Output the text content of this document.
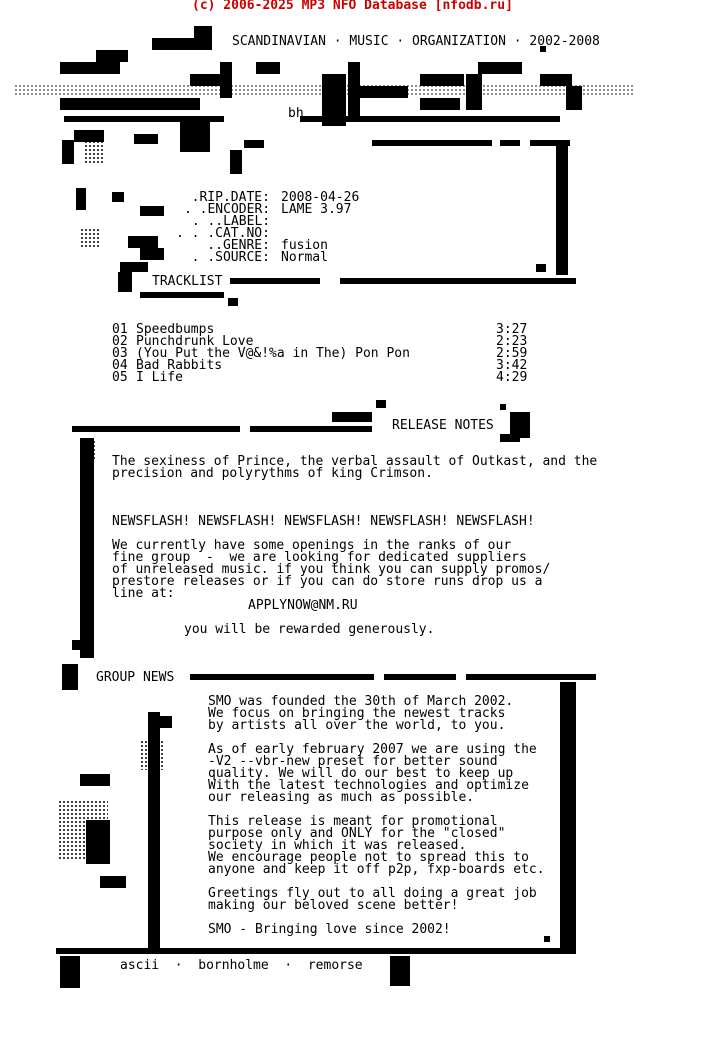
(c) 2006-2025 MP3 NFO Database [nfodb.ru]
SCANDINAVIAN · MUSIC · ORGANIZATION · 2002-2008
bh
.RIP.DATE: 2008-04-26
. .ENCODER: LAME 3.97
. ..LABEL:
. . .CAT.NO:
..GENRE: fusion
. .SOURCE: Normal
TRACKLIST
01 Speedbumps	3:27
02 Punchdrunk Love	2:23
03 (You Put the V@&!%a in The) Pon Pon	2:59
04 Bad Rabbits	3:42
05 I Life	4:29
RELEASE NOTES
The sexiness of Prince, the verbal assault of Outkast, and the
precision and polyrythms of king Crimson.
NEWSFLASH! NEWSFLASH! NEWSFLASH! NEWSFLASH! NEWSFLASH!
We currently have some openings in the ranks of our
fine group  -  we are looking for dedicated suppliers
of unreleased music. if you think you can supply promos/
prestore releases or if you can do store runs drop us a
line at:
APPLYNOW@NM.RU
you will be rewarded generously.
GROUP NEWS
SMO was founded the 30th of March 2002.
We focus on bringing the newest tracks
by artists all over the world, to you.
As of early february 2007 we are using the
-V2 --vbr-new preset for better sound
quality. We will do our best to keep up
With the latest technologies and optimize
our releasing as much as possible.
This release is meant for promotional
purpose only and ONLY for the "closed"
society in which it was released.
We encourage people not to spread this to
anyone and keep it off p2p, fxp-boards etc.
Greetings fly out to all doing a great job
making our beloved scene better!
SMO - Bringing love since 2002!
ascii  ·  bornholme  ·  remorse
